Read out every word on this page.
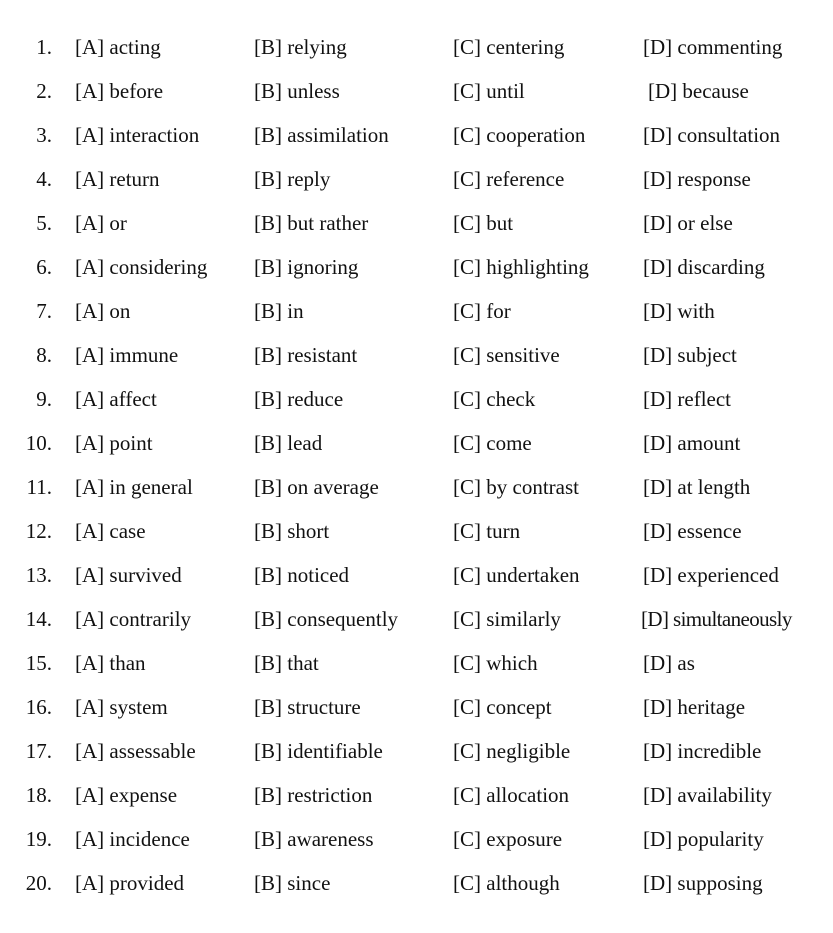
1. [A] acting	[B] relying	[C] centering	[D] commenting
2. [A] before	[B] unless	[C] until	[D] because
3. [A] interaction	[B] assimilation	[C] cooperation	[D] consultation
4. [A] return	[B] reply	[C] reference	[D] response
5. [A] or	[B] but rather	[C] but	[D] or else
6. [A] considering [B] ignoring	[C] highlighting	[D] discarding
7. [A] on	[B] in	[C] for	[D] with
8. [A] immune	[B] resistant	[C] sensitive	[D] subject
9. [A] affect	[B] reduce	[C] check	[D] reflect
10. [A] point	[B] lead	[C] come	[D] amount
11. [A] in general	[B] on average	[C] by contrast	[D] at length
12. [A] case	[B] short	[C] turn	[D] essence
13. [A] survived	[B] noticed	[C] undertaken	[D] experienced
14. [A] contrarily	[B] consequently	[C] similarly	[D] simultaneously
15. [A] than	[B] that	[C] which	[D] as
16. [A] system	[B] structure	[C] concept	[D] heritage
17. [A] assessable	[B] identifiable	[C] negligible	[D] incredible
18. [A] expense	[B] restriction	[C] allocation	[D] availability
19. [A] incidence	[B] awareness	[C] exposure	[D] popularity
20. [A] provided	[B] since	[C] although	[D] supposing
